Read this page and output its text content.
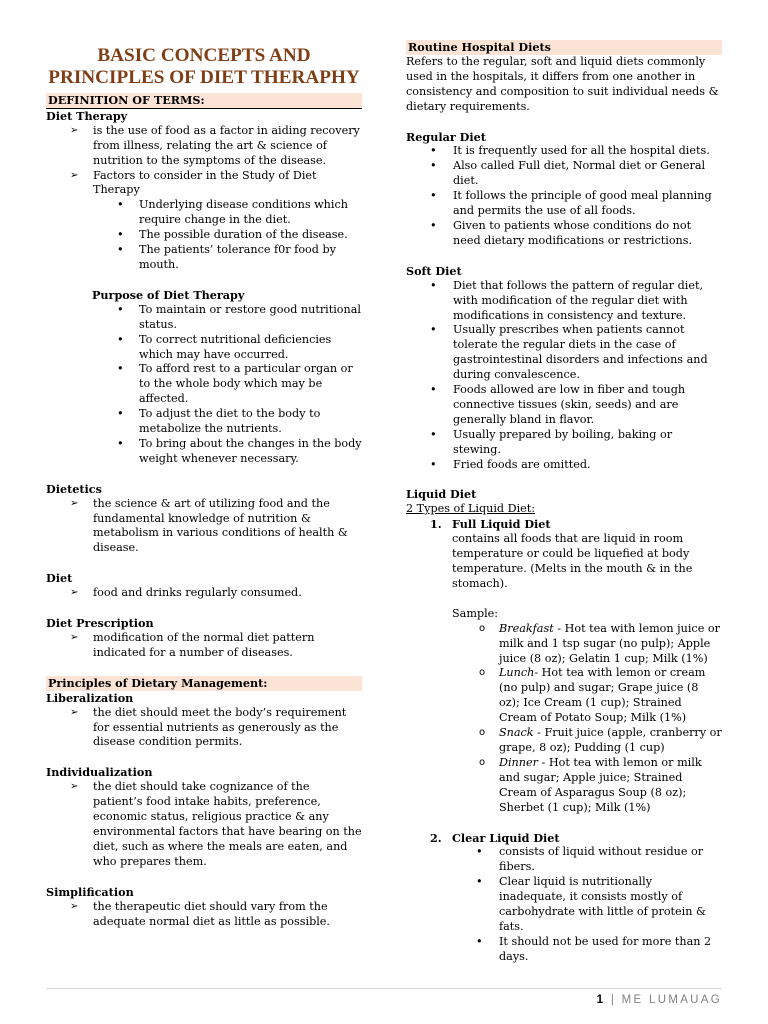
BASIC CONCEPTS AND PRINCIPLES OF DIET THERAPHY
DEFINITION OF TERMS:
Diet Therapy
➢ is the use of food as a factor in aiding recovery from illness, relating the art & science of nutrition to the symptoms of the disease.
➢ Factors to consider in the Study of Diet Therapy
• Underlying disease conditions which require change in the diet.
• The possible duration of the disease.
• The patients’ tolerance f0r food by mouth.
Purpose of Diet Therapy
• To maintain or restore good nutritional status.
• To correct nutritional deficiencies which may have occurred.
• To afford rest to a particular organ or to the whole body which may be affected.
• To adjust the diet to the body to metabolize the nutrients.
• To bring about the changes in the body weight whenever necessary.
Dietetics
➢ the science & art of utilizing food and the fundamental knowledge of nutrition & metabolism in various conditions of health & disease.
Diet
➢ food and drinks regularly consumed.
Diet Prescription
➢ modification of the normal diet pattern indicated for a number of diseases.
Principles of Dietary Management:
Liberalization
➢ the diet should meet the body’s requirement for essential nutrients as generously as the disease condition permits.
Individualization
➢ the diet should take cognizance of the patient’s food intake habits, preference, economic status, religious practice & any environmental factors that have bearing on the diet, such as where the meals are eaten, and who prepares them.
Simplification
➢ the therapeutic diet should vary from the adequate normal diet as little as possible.
Routine Hospital Diets
Refers to the regular, soft and liquid diets commonly used in the hospitals, it differs from one another in consistency and composition to suit individual needs & dietary requirements.
Regular Diet
• It is frequently used for all the hospital diets.
• Also called Full diet, Normal diet or General diet.
• It follows the principle of good meal planning and permits the use of all foods.
• Given to patients whose conditions do not need dietary modifications or restrictions.
Soft Diet
• Diet that follows the pattern of regular diet, with modification of the regular diet with modifications in consistency and texture.
• Usually prescribes when patients cannot tolerate the regular diets in the case of gastrointestinal disorders and infections and during convalescence.
• Foods allowed are low in fiber and tough connective tissues (skin, seeds) and are generally bland in flavor.
• Usually prepared by boiling, baking or stewing.
• Fried foods are omitted.
Liquid Diet
2 Types of Liquid Diet:
1. Full Liquid Diet
contains all foods that are liquid in room temperature or could be liquefied at body temperature. (Melts in the mouth & in the stomach).
Sample:
o Breakfast - Hot tea with lemon juice or milk and 1 tsp sugar (no pulp); Apple juice (8 oz); Gelatin 1 cup; Milk (1%)
o Lunch- Hot tea with lemon or cream (no pulp) and sugar; Grape juice (8 oz); Ice Cream (1 cup); Strained Cream of Potato Soup; Milk (1%)
o Snack - Fruit juice (apple, cranberry or grape, 8 oz); Pudding (1 cup)
o Dinner - Hot tea with lemon or milk and sugar; Apple juice; Strained Cream of Asparagus Soup (8 oz); Sherbet (1 cup); Milk (1%)
2. Clear Liquid Diet
• consists of liquid without residue or fibers.
• Clear liquid is nutritionally inadequate, it consists mostly of carbohydrate with little of protein & fats.
• It should not be used for more than 2 days.
1 | ME LUMAUAG
